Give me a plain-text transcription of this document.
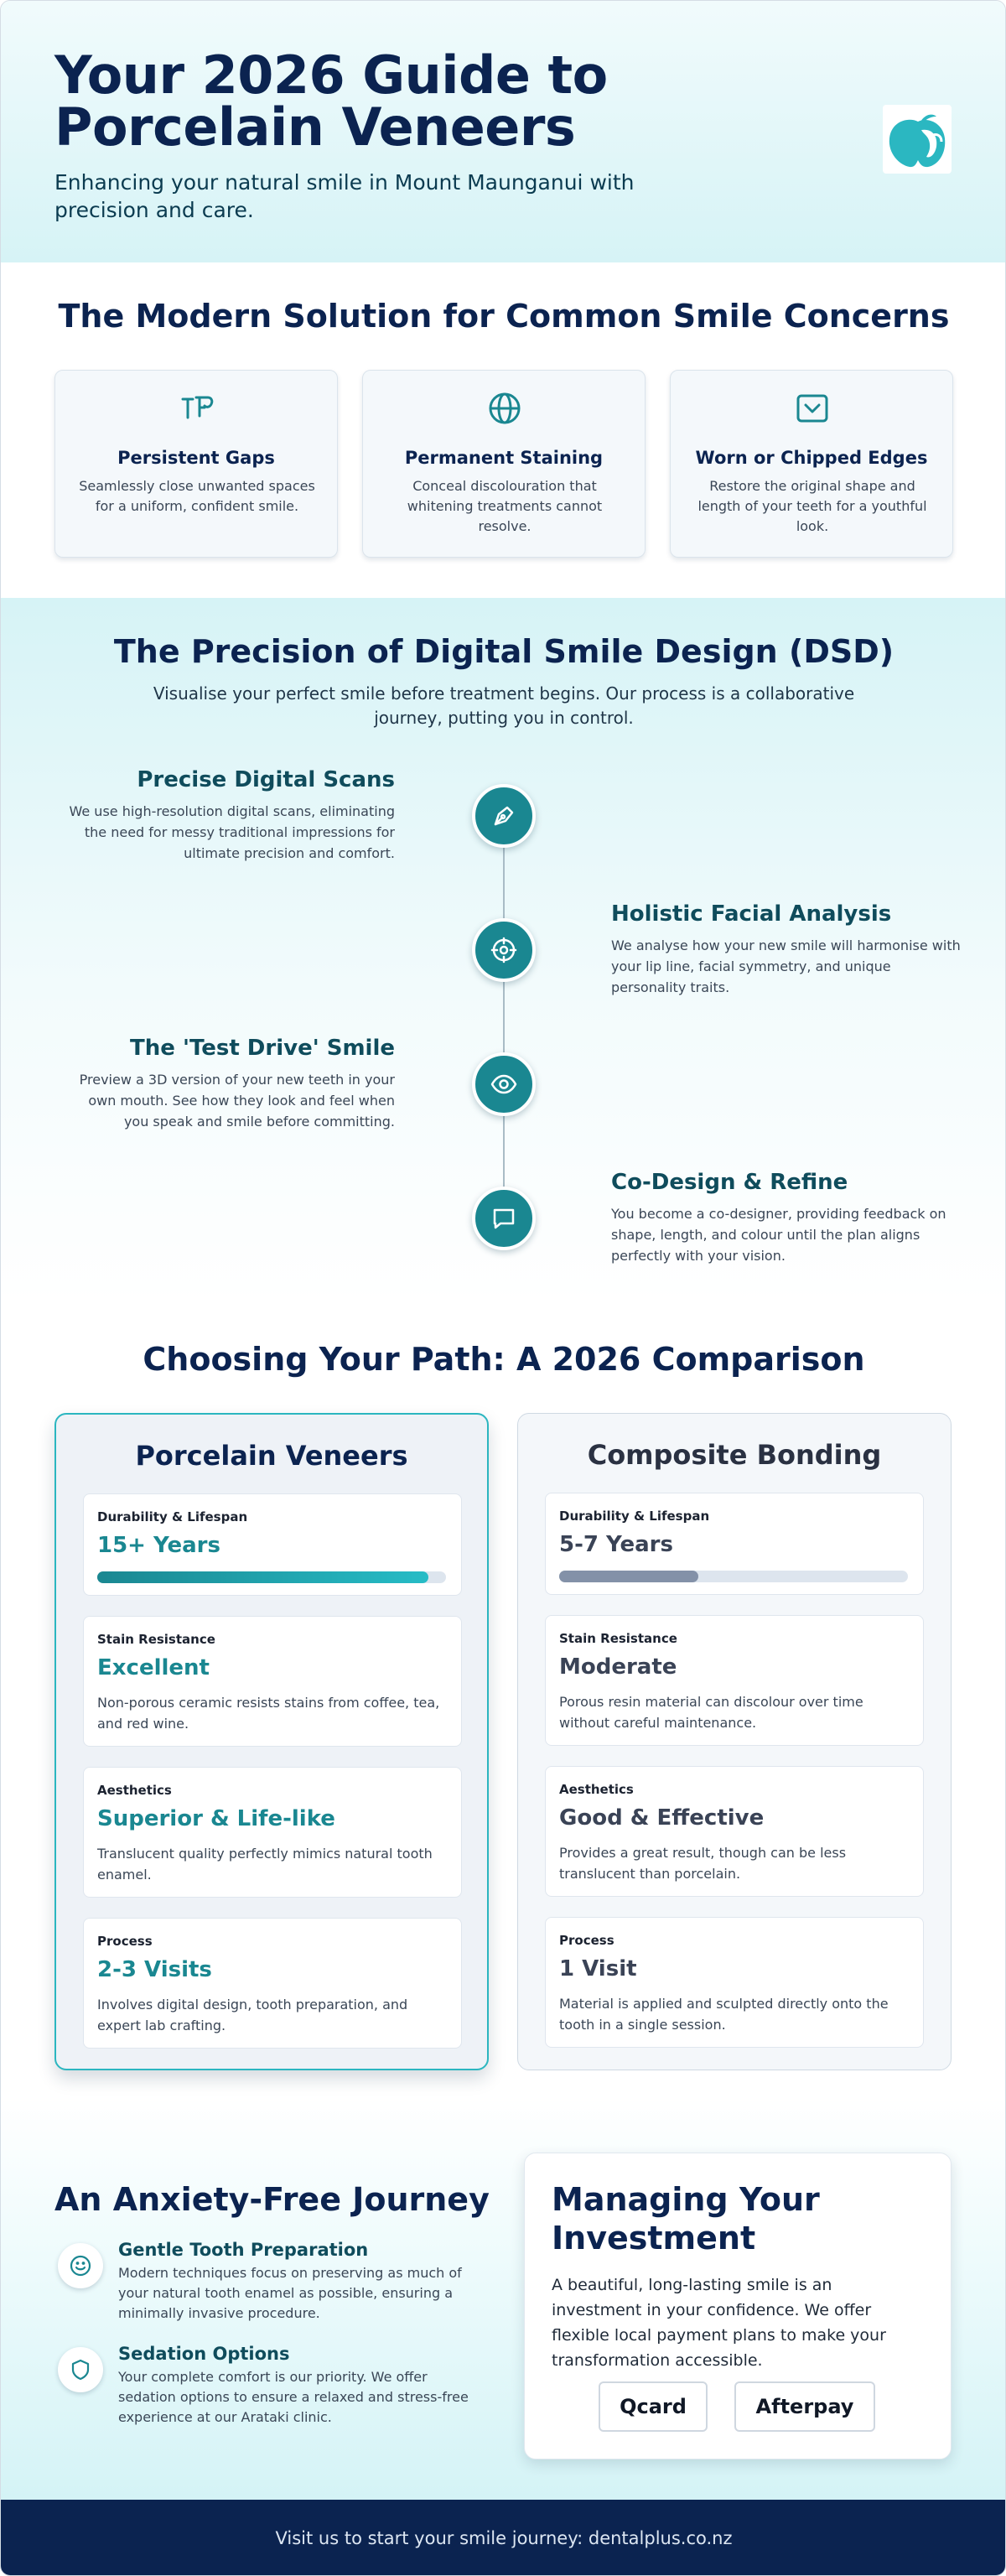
Your 2026 Guide to Porcelain Veneers

Enhancing your natural smile in Mount Maunganui with precision and care.

The Modern Solution for Common Smile Concerns
Persistent Gaps
Seamlessly close unwanted spaces for a uniform, confident smile.
Permanent Staining
Conceal discolouration that whitening treatments cannot resolve.
Worn or Chipped Edges
Restore the original shape and length of your teeth for a youthful look.
The Precision of Digital Smile Design (DSD)

Visualise your perfect smile before treatment begins. Our process is a collaborative journey, putting you in control.

Precise Digital Scans
We use high-resolution digital scans, eliminating the need for messy traditional impressions for ultimate precision and comfort.
Holistic Facial Analysis
We analyse how your new smile will harmonise with your lip line, facial symmetry, and unique personality traits.
The 'Test Drive' Smile
Preview a 3D version of your new teeth in your own mouth. See how they look and feel when you speak and smile before committing.
Co-Design & Refine
You become a co-designer, providing feedback on shape, length, and colour until the plan aligns perfectly with your vision.
Choosing Your Path: A 2026 Comparison
Porcelain Veneers
Durability & Lifespan
15+ Years
Stain Resistance
Excellent
Non-porous ceramic resists stains from coffee, tea, and red wine.
Aesthetics
Superior & Life-like
Translucent quality perfectly mimics natural tooth enamel.
Process
2-3 Visits
Involves digital design, tooth preparation, and expert lab crafting.
Composite Bonding
Durability & Lifespan
5-7 Years
Stain Resistance
Moderate
Porous resin material can discolour over time without careful maintenance.
Aesthetics
Good & Effective
Provides a great result, though can be less translucent than porcelain.
Process
1 Visit
Material is applied and sculpted directly onto the tooth in a single session.
An Anxiety-Free Journey
Gentle Tooth Preparation
Modern techniques focus on preserving as much of your natural tooth enamel as possible, ensuring a minimally invasive procedure.
Sedation Options
Your complete comfort is our priority. We offer sedation options to ensure a relaxed and stress-free experience at our Arataki clinic.
Managing Your Investment
A beautiful, long-lasting smile is an investment in your confidence. We offer flexible local payment plans to make your transformation accessible.
Qcard	Afterpay
Visit us to start your smile journey: dentalplus.co.nz
